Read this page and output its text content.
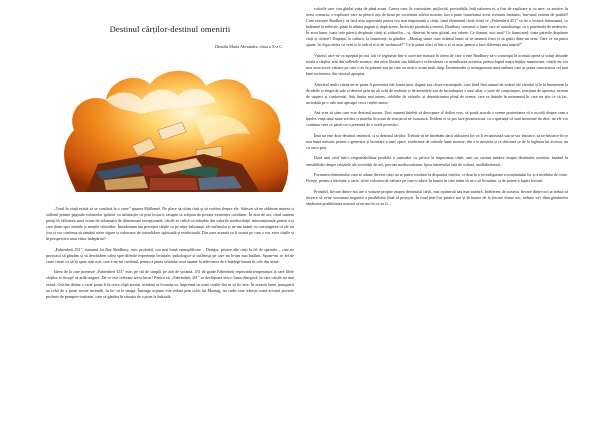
Destinul cărților-destinul omenirii
Dinulfu Maria Alexandra, clasa a X-a C

„Totul în viață există să se conducă la o carte” spunea Mallarmé. Ne place să citim cărți și să vorbim despre ele. Adesori să ne zăbăvim mintea și sufletul printre paginile volumelor ipătrite cu satisfacție că prin lecturii, rasapm să sclipim de povara existenței cotidiene. În zisa de azi, când suntem prinși în vâltoarea unui ocean de informații de dimensiuni excepționale, cărțile se ridică cu mândrie din valurile mediocrității informaționale pentru a-și crea drum spre inimile și mințile cititorilor. Întotdeauna am perceput cărțile ca pe niște balsamuri ale sufletului și ne-am hrănit cu convingerea că ele nu fost și vor continua să rămână surse sigure și valoroase de consolidare spirituală și intelectuală. Dar oare această va fi soarta pe care o vor avea cărțile și în perspectiva unui viitor îndepărtat?

„Fahrenheit 451”, romanul lui Ray Bradbury, este, probabil, cea mai bună exemplificare – Desigur, printre alte cărți la fel de speciale – care ne provoacă să gândim și să deschidem calea spre diferite experiențe lecturale, psihologice și sufletești pe care nu le-am mai întâlnit. Spune-mi ce fel de carte citești ca să îți spun cine ești, care e nu-mi cuvântul, pentru a putea schimba ceva anume la adecvarea de a înțelege lumea în cele din urmă.

Ideea de la care pornește „Fahrenheit 451” este, pe cât de simplă, pe atât de șocantă. 451 de grade Fahrenheit reprezintă temperatura la care filele cărților se începe să ardă singure. De ce este relevant acest lucru? Pentru că, „Fahrenheit 451” se desfășoară într-o lume distopică, în care cărțile nu mai există. Oricine deține o carte poate fi în orice clipă arestat, urmând ca locuința sa, împreună cu toate cărțile din ea să fie arse. În această lume, pompierii au rolul de a porni aceste incendii, în loc să le stingă. Întreaga acțiune este redată prin ochii lui Montag, un cadet care trăiește toată această poveste profesie de pompier-torționar, care se gândea în situația de a pune la îndoială

valorile care i-au ghidat viața de până acum. Cartea care, în curiozitate, mijlocită, provizibilă, îndi valoarea ei, a fost de explicare și cu aere, ca motive, la acest scenariu, o explicare care se pleacă aiși de brise pe societatea zilelor noastre, lucru paste transforma acest scenariu fantastic, într-unul extrem de posibil! Cum reușește Bradbury să facă asta reprezintă partea cea mai importantă a cărții, ținul elementul cheie fiind ce „Fahrenheit 451” să fie o lectură interesantă, ce îndemnă la reflecție, până la ultima pagină și după aceea. Încercați parabola a tenorii, Bradbury construit o lume care se autodistruge cu o puterinale de nedescris. În acea lume, toate cele părerii dispărute căriți și cititorilor – și, dintr-un în sens global, are orbete. Ce fiumsn, nici mai? Ce fiums-nad: toate părerile dispărute cărți și cititori? Dispărul la culturii, la frumusețe, la gândire. „Montag simte cum avântul lumii să se umează fruct și să găsiți dintr-un sens. Oare ce nu putea spune, în clipa căreia va veni și la cadrul ei și de vorbească?” Ce le putea oferi el într-o zi ca asta, pentru a face diferența mai naștră?”

Viitorul care ne va așteptat pe noi toți ce regăsește într-o oarecare măsură în ideea de care a este Bradbury să-o conceapă în această operă și soluți absurde totală a cărților arăt din sufletele noastre, din orice librării sau biblioteci echivalează cu nentilirarea acesteia, pentru faptul majorităților numeroase, cărțile nu vor mai avea acces valoare pe care o au în prezent sau pe care au avut-o acum mult timp. Încetinindea și neasigurarea unui atribute care ar putea caracterizat cel mai bine societatea, din viitorul apropiat.

Adevărul multi viteză ne-ar putea fi prezentat sub forma unor dogme sau clișee existențiale, care fiind fără ramuri de vedere ale cărtului și le la întemeiem la de ideile și alegerile sale și deseori prin un alt ochi de realitate și de amiralele sau de încredințare a unui aliat, o stare de conștiințare, reacțiuni de așternut, extrem de suspect și conformist. Sub limita mai intens, celelalte de valorile, și deșertăciunea plină de vreme, care se întinde în momentul în care nu știu ce să fac, niciodată pe o cale mai aproape cea a rețelei emise.

Am vrea să știm care este destinul nostru. Unii oameni înteleți să descopere al doilea vers, să poată acorda o vreme posteritatea să o asculți despre cum a înțeles viața unui mare scriitor și marelui în scară de reacția să ne cunoască. Evident ei se pot face pronosticuri, cu o speranță că sunt momente de deci, iar ele vor continua ceea ce păcat cu-o prezență de o acele povestiri.

Însă nu este doar destinul omenirii, ci și destinul cărților. Trebuie să ne întrebăm dacă utilizarea lor va fi recunoscută sau se vor întoarce, să ne întoarce în ce mai bună măsură, pentru o generație și lecturare a unei opere, eradicarea de culmile lume noastre, din a le moșteni și ce discernă ce de la legătura lui acestor, nu cu orice preț.

Dacă unii cred într-o responsabilitate posibilă a cumsrdor cu privire la importanța cărții, unii au viziuni sumbre asupra destinului acesteia, bazând în sensibilități despre reușitele ale societății de azi, precum mediocratizare, lipsa interesului față de cultură, analfabetismul...

Formarea elementului cum se adune diverse cărți nu ar putea conduce la dispariția cărților, ci doar la o reconfigurare a conținutului lor și a modului de citire. Firește, pentru a întreține o carte, citire valoarea de valoare pe care-o aduce în lumea în care trăim să ne o să lecturăm, și de putere a faptei lecturii.

Probabil, fiecare dintre noi are o viziune proprie asupra destinului cărții, mai optimistă sau mai sumbră. Indiferent de aceasta, fiecare dintre noi ar trebui să încerce să evite versiunea negativă a posibilului final al poveștii. În fond ține-l-or printre noi și în lumea de la fiecare dintre noi, trebuie să-i dăm gândurilor sănătoase posibilitatea noastră să ne-am în ce va fi...
